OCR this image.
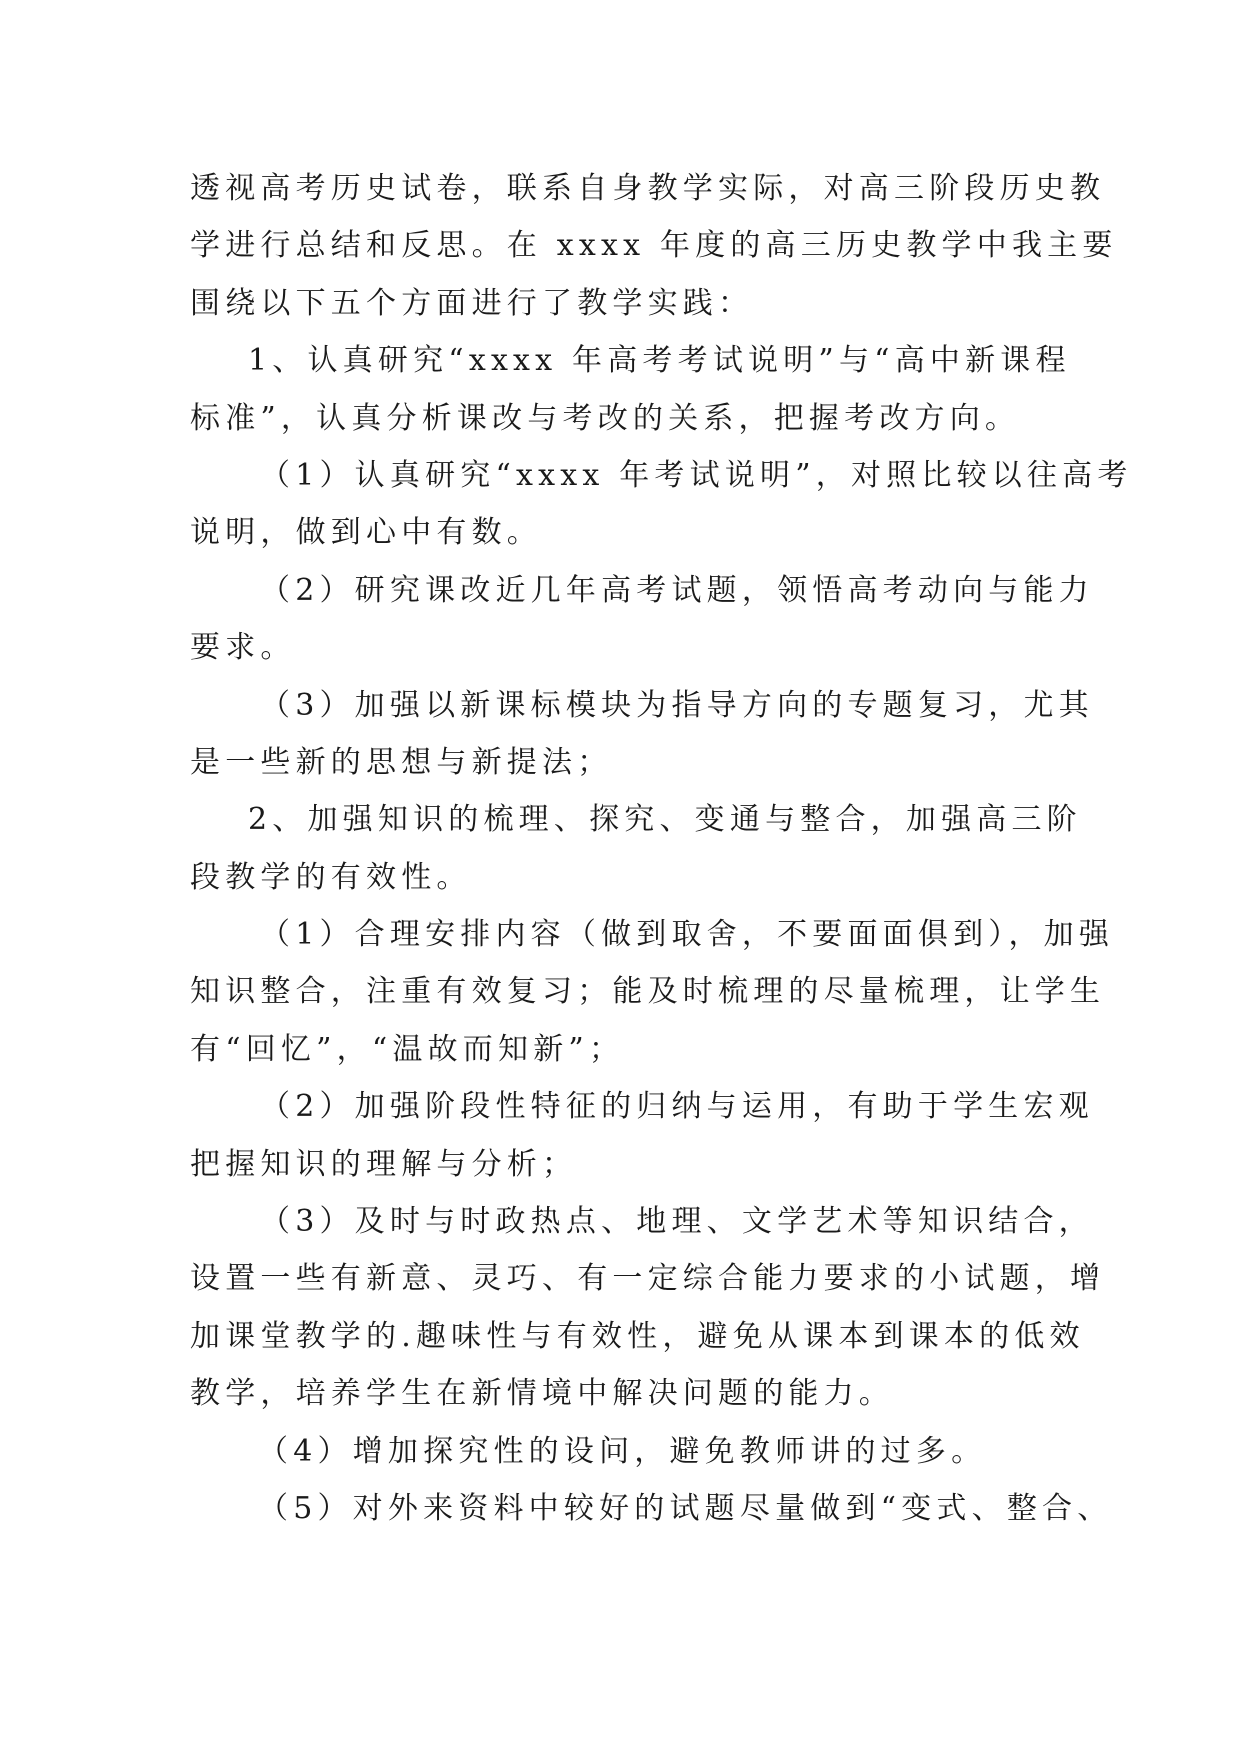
透视高考历史试卷，联系自身教学实际，对高三阶段历史教
学进行总结和反思。在 xxxx 年度的高三历史教学中我主要
围绕以下五个方面进行了教学实践：
1、认真研究“xxxx 年高考考试说明”与“高中新课程
标准”，认真分析课改与考改的关系，把握考改方向。
（1）认真研究“xxxx 年考试说明”，对照比较以往高考
说明，做到心中有数。
（2）研究课改近几年高考试题，领悟高考动向与能力
要求。
（3）加强以新课标模块为指导方向的专题复习，尤其
是一些新的思想与新提法；
2、加强知识的梳理、探究、变通与整合，加强高三阶
段教学的有效性。
（1）合理安排内容（做到取舍，不要面面俱到），加强
知识整合，注重有效复习；能及时梳理的尽量梳理，让学生
有“回忆”，“温故而知新”；
（2）加强阶段性特征的归纳与运用，有助于学生宏观
把握知识的理解与分析；
（3）及时与时政热点、地理、文学艺术等知识结合，
设置一些有新意、灵巧、有一定综合能力要求的小试题，增
加课堂教学的.趣味性与有效性，避免从课本到课本的低效
教学，培养学生在新情境中解决问题的能力。
（4）增加探究性的设问，避免教师讲的过多。
（5）对外来资料中较好的试题尽量做到“变式、整合、
